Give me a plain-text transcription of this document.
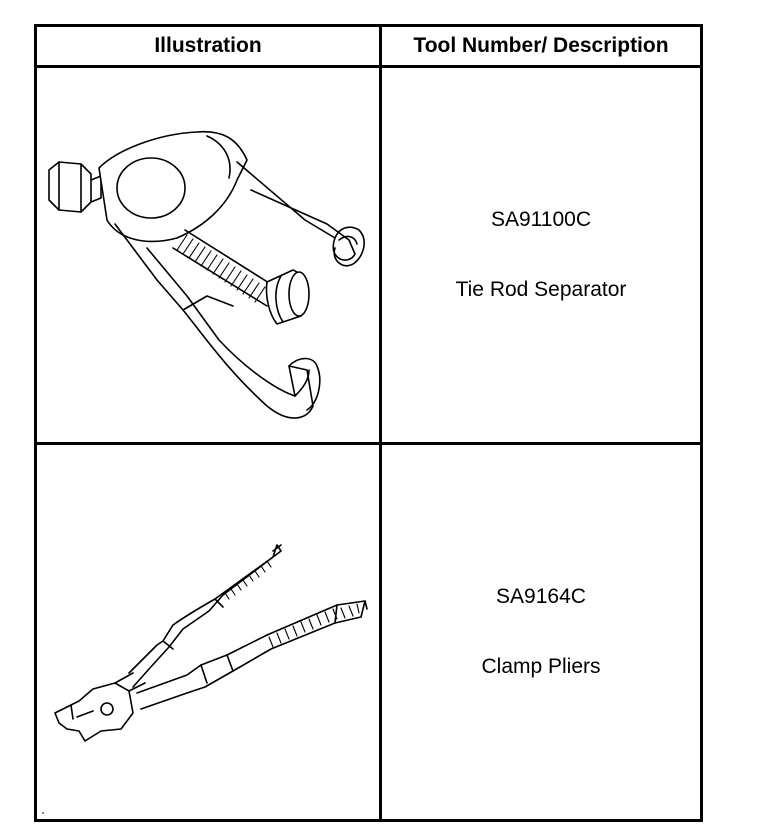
Illustration	Tool Number/ Description

SA91100C
Tie Rod Separator

SA9164C
Clamp Pliers
